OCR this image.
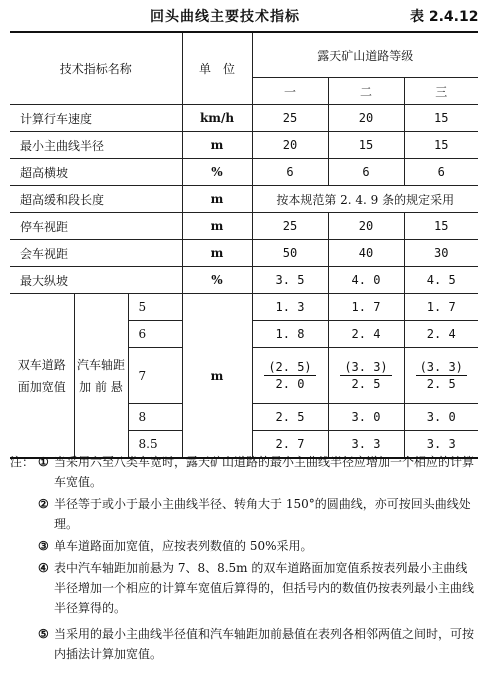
回头曲线主要技术指标	表 2.4.12
技术指标名称			单　位	露天矿山道路等级		
				一	二	三
计算行车速度			km/h	25	20	15
最小主曲线半径			m	20	15	15
超高横坡			%	6	6	6
超高缓和段长度			m	按本规范第 2. 4. 9 条的规定采用		
停车视距			m	25	20	15
会车视距			m	50	40	30
最大纵坡			%	3. 5	4. 0	4. 5
双车道路面加宽值	汽车轴距加 前 悬	5	m	1. 3	1. 7	1. 7
		6		1. 8	2. 4	2. 4
		7		$\frac{(2. 5)}{2. 0}$	$\frac{(3. 3)}{2. 5}$	$\frac{(3. 3)}{2. 5}$

		8		2. 5	3. 0	3. 0
		8.5		2. 7	3. 3	3. 3
注： ① 当采用六至八类车宽时，露天矿山道路的最小主曲线半径应增加一个相应的计算车宽值。
② 半径等于或小于最小主曲线半径、转角大于 150°的圆曲线，亦可按回头曲线处理。
③ 单车道路面加宽值，应按表列数值的 50%采用。
④ 表中汽车轴距加前悬为 7、8、8.5m 的双车道路面加宽值系按表列最小主曲线半径增加一个相应的计算车宽值后算得的，但括号内的数值仍按表列最小主曲线半径算得的。
⑤ 当采用的最小主曲线半径值和汽车轴距加前悬值在表列各相邻两值之间时，可按内插法计算加宽值。
